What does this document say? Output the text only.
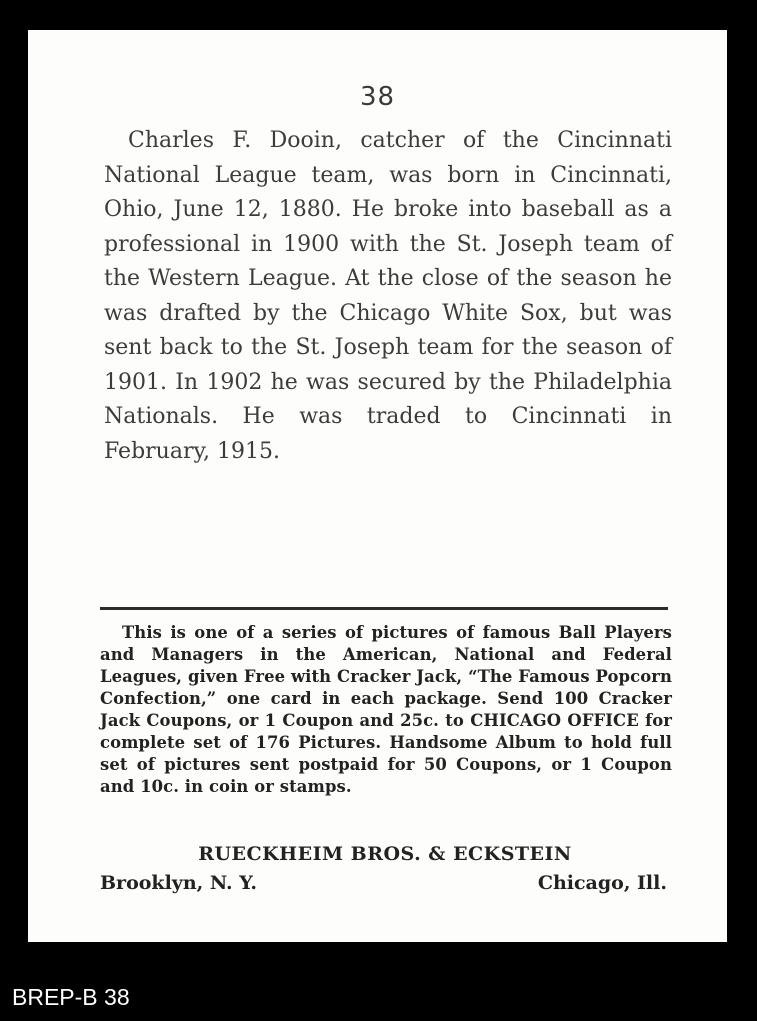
38

Charles F. Dooin, catcher of the Cincinnati National League team, was born in Cincinnati, Ohio, June 12, 1880. He broke into baseball as a professional in 1900 with the St. Joseph team of the Western League. At the close of the season he was drafted by the Chicago White Sox, but was sent back to the St. Joseph team for the season of 1901. In 1902 he was secured by the Philadelphia Nationals. He was traded to Cincinnati in February, 1915.

This is one of a series of pictures of famous Ball Players and Managers in the American, National and Federal Leagues, given Free with Cracker Jack, “The Famous Popcorn Confection,” one card in each package. Send 100 Cracker Jack Coupons, or 1 Coupon and 25c. to CHICAGO OFFICE for complete set of 176 Pictures. Handsome Album to hold full set of pictures sent postpaid for 50 Coupons, or 1 Coupon and 10c. in coin or stamps.

RUECKHEIM BROS. & ECKSTEIN
Brooklyn, N. Y.	Chicago, Ill.
BREP-B 38
